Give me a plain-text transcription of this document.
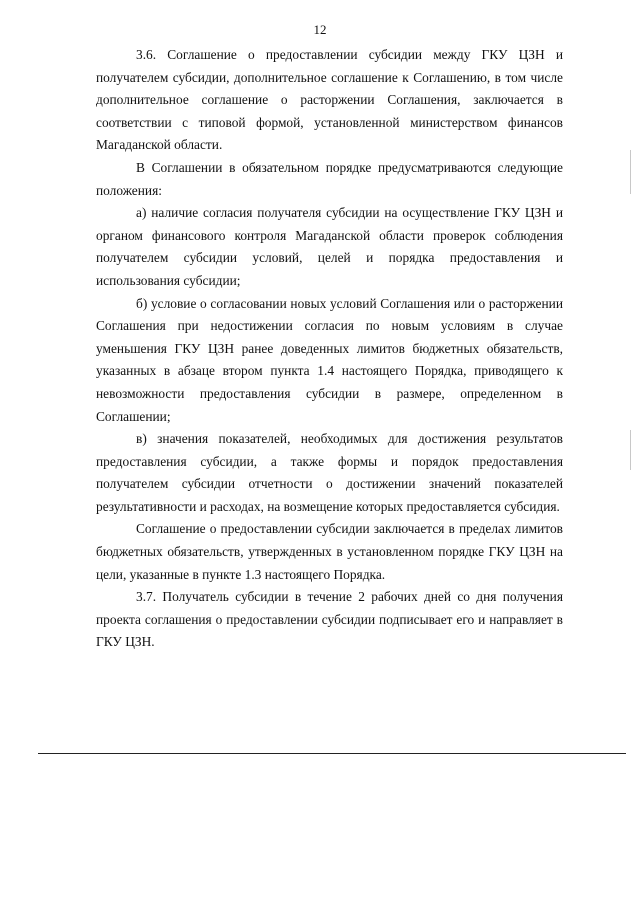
12

3.6. Соглашение о предоставлении субсидии между ГКУ ЦЗН и получателем субсидии, дополнительное соглашение к Соглашению, в том числе дополнительное соглашение о расторжении Соглашения, заключается в соответствии с типовой формой, установленной министерством финансов Магаданской области.

В Соглашении в обязательном порядке предусматриваются следующие положения:

а) наличие согласия получателя субсидии на осуществление ГКУ ЦЗН и органом финансового контроля Магаданской области проверок соблюдения получателем субсидии условий, целей и порядка предоставления и использования субсидии;

б) условие о согласовании новых условий Соглашения или о расторжении Соглашения при недостижении согласия по новым условиям в случае уменьшения ГКУ ЦЗН ранее доведенных лимитов бюджетных обязательств, указанных в абзаце втором пункта 1.4 настоящего Порядка, приводящего к невозможности предоставления субсидии в размере, определенном в Соглашении;

в) значения показателей, необходимых для достижения результатов предоставления субсидии, а также формы и порядок предоставления получателем субсидии отчетности о достижении значений показателей результативности и расходах, на возмещение которых предоставляется субсидия.

Соглашение о предоставлении субсидии заключается в пределах лимитов бюджетных обязательств, утвержденных в установленном порядке ГКУ ЦЗН на цели, указанные в пункте 1.3 настоящего Порядка.

3.7. Получатель субсидии в течение 2 рабочих дней со дня получения проекта соглашения о предоставлении субсидии подписывает его и направляет в ГКУ ЦЗН.
